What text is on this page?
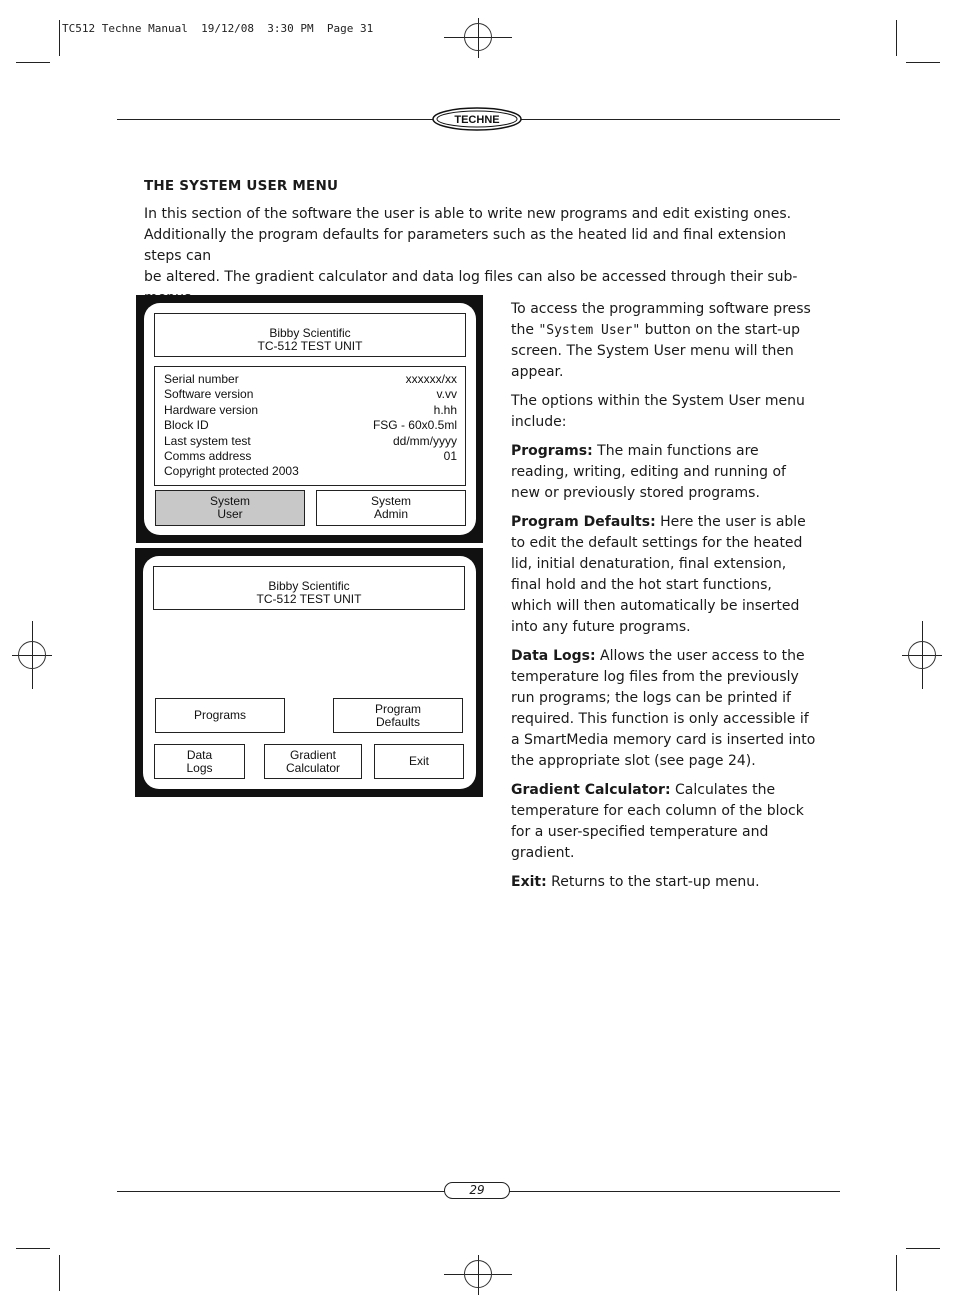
TC512 Techne Manual  19/12/08  3:30 PM  Page 31
TECHNE
THE SYSTEM USER MENU

In this section of the software the user is able to write new programs and edit existing ones.

Additionally the program defaults for parameters such as the heated lid and final extension steps can

be altered. The gradient calculator and data log files can also be accessed through their sub-

Bibby Scientific
TC-512 TEST UNIT
Serial number	xxxxxx/xx
Software version	v.vv
Hardware version	h.hh
Block ID	FSG - 60x0.5ml
Last system test	dd/mm/yyyy
Comms address	01
Copyright protected 2003
System
User
System
Admin
Bibby Scientific
TC-512 TEST UNIT
Programs	Program
Defaults
Data
Logs
Gradient
Calculator	Exit

To access the programming software press the "System User" button on the start-up screen. The System User menu will then appear.

The options within the System User menu include:

Programs: The main functions are reading, writing, editing and running of new or previously stored programs.

Program Defaults: Here the user is able to edit the default settings for the heated lid, initial denaturation, final extension, final hold and the hot start functions, which will then automatically be inserted into any future programs.

Data Logs: Allows the user access to the temperature log files from the previously run programs; the logs can be printed if required. This function is only accessible if a SmartMedia memory card is inserted into the appropriate slot (see page 24).

Gradient Calculator: Calculates the temperature for each column of the block for a user-specified temperature and gradient.

Exit: Returns to the start-up menu.

29
